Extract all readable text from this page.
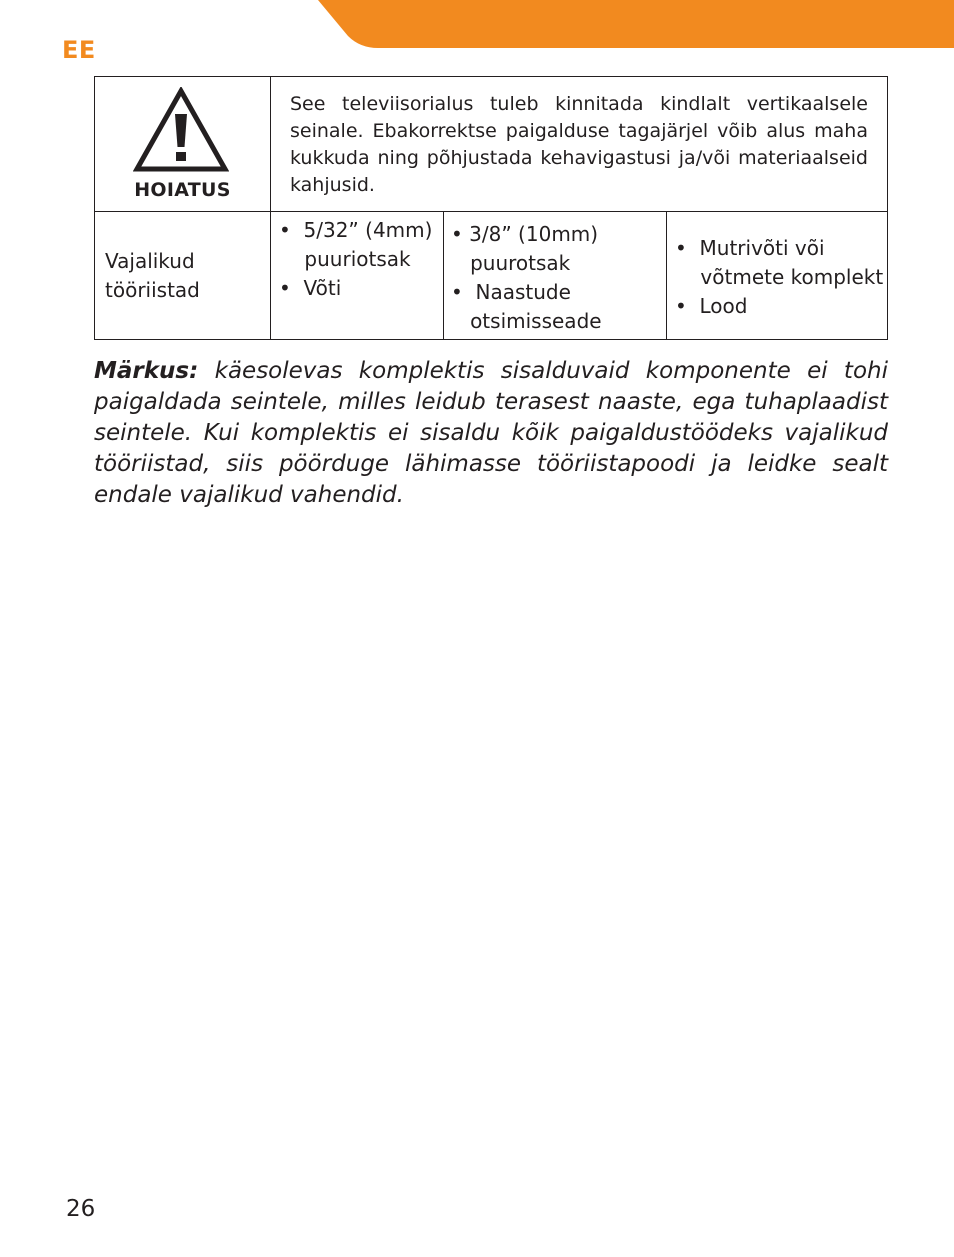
EE
HOIATUS
See televiisorialus tuleb kinnitada kindlalt vertikaalsele seinale. Ebakorrektse paigalduse tagajärjel võib alus maha kukkuda ning põhjustada kehavigastusi ja/või materiaalseid kahjusid.
Vajalikud
tööriistad
•  5/32” (4mm)
puuriotsak
•  Võti
• 3/8” (10mm)
puurotsak
•  Naastude
otsimisseade
•  Mutrivõti või
võtmete komplekt
•  Lood
Märkus: käesolevas komplektis sisalduvaid komponente ei tohi paigaldada seintele, milles leidub terasest naaste, ega tuhaplaadist seintele. Kui komplektis ei sisaldu kõik paigaldustöödeks vajalikud tööriistad, siis pöörduge lähimasse tööriistapoodi ja leidke sealt endale vajalikud vahendid.
26
